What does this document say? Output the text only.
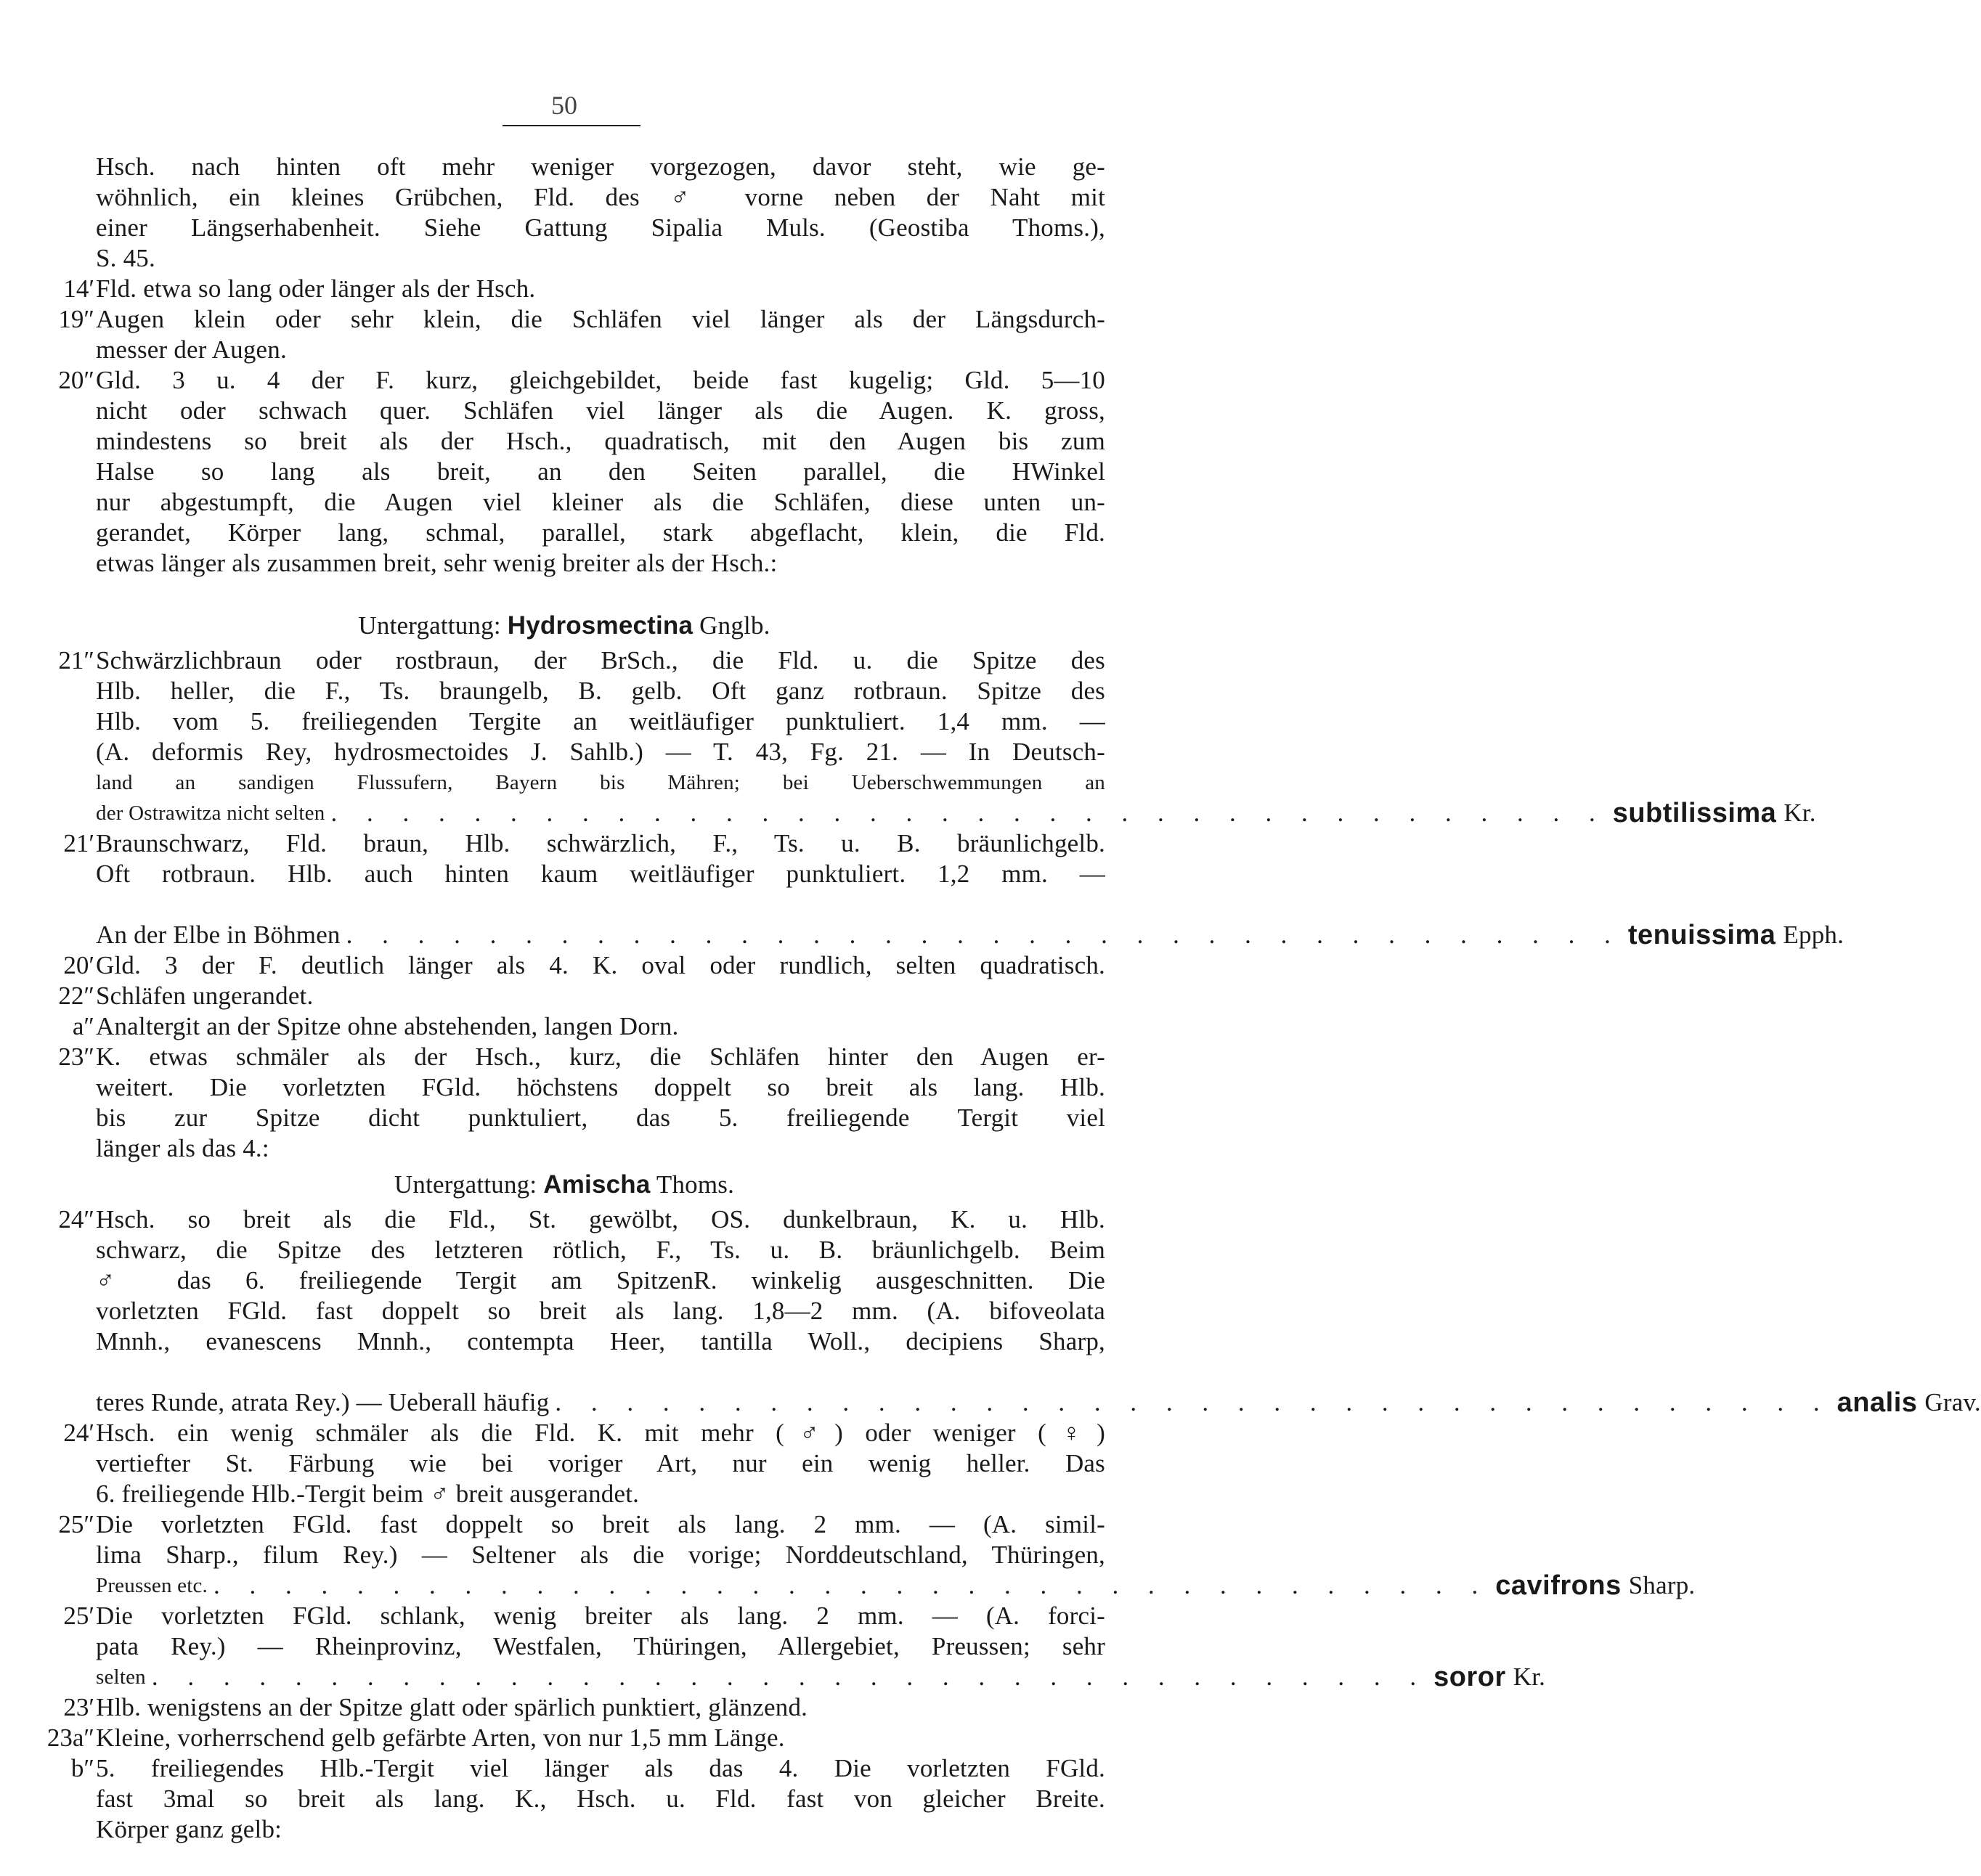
50
Hsch. nach hinten oft mehr weniger vorgezogen, davor steht, wie ge-
wöhnlich, ein kleines Grübchen, Fld. des ♂ vorne neben der Naht mit
einer Längserhabenheit. Siehe Gattung Sipalia Muls. (Geostiba Thoms.),
S. 45.
14′ Fld. etwa so lang oder länger als der Hsch.
19″ Augen klein oder sehr klein, die Schläfen viel länger als der Längsdurch-
messer der Augen.
20″ Gld. 3 u. 4 der F. kurz, gleichgebildet, beide fast kugelig; Gld. 5—10
nicht oder schwach quer. Schläfen viel länger als die Augen. K. gross,
mindestens so breit als der Hsch., quadratisch, mit den Augen bis zum
Halse so lang als breit, an den Seiten parallel, die HWinkel
nur abgestumpft, die Augen viel kleiner als die Schläfen, diese unten un-
gerandet, Körper lang, schmal, parallel, stark abgeflacht, klein, die Fld.
etwas länger als zusammen breit, sehr wenig breiter als der Hsch.:
21″ Schwärzlichbraun oder rostbraun, der BrSch., die Fld. u. die Spitze des
Hlb. heller, die F., Ts. braungelb, B. gelb. Oft ganz rotbraun. Spitze des
Hlb. vom 5. freiliegenden Tergite an weitläufiger punktuliert. 1,4 mm. —
(A. deformis Rey, hydrosmectoides J. Sahlb.) — T. 43, Fg. 21. — In Deutsch-
land an sandigen Flussufern, Bayern bis Mähren; bei Ueberschwemmungen an
21′ Braunschwarz, Fld. braun, Hlb. schwärzlich, F., Ts. u. B. bräunlichgelb.
Oft rotbraun. Hlb. auch hinten kaum weitläufiger punktuliert. 1,2 mm. —
20′ Gld. 3 der F. deutlich länger als 4. K. oval oder rundlich, selten quadratisch.
22″ Schläfen ungerandet.
a″ Analtergit an der Spitze ohne abstehenden, langen Dorn.
23″ K. etwas schmäler als der Hsch., kurz, die Schläfen hinter den Augen er-
weitert. Die vorletzten FGld. höchstens doppelt so breit als lang. Hlb.
bis zur Spitze dicht punktuliert, das 5. freiliegende Tergit viel
länger als das 4.:
24″ Hsch. so breit als die Fld., St. gewölbt, OS. dunkelbraun, K. u. Hlb.
schwarz, die Spitze des letzteren rötlich, F., Ts. u. B. bräunlichgelb. Beim
♂ das 6. freiliegende Tergit am SpitzenR. winkelig ausgeschnitten. Die
vorletzten FGld. fast doppelt so breit als lang. 1,8—2 mm. (A. bifoveolata
Mnnh., evanescens Mnnh., contempta Heer, tantilla Woll., decipiens Sharp,
24′ Hsch. ein wenig schmäler als die Fld. K. mit mehr (♂) oder weniger (♀)
vertiefter St. Färbung wie bei voriger Art, nur ein wenig heller. Das
6. freiliegende Hlb.-Tergit beim ♂ breit ausgerandet.
25″ Die vorletzten FGld. fast doppelt so breit als lang. 2 mm. — (A. simil-
lima Sharp., filum Rey.) — Seltener als die vorige; Norddeutschland, Thüringen,
25′ Die vorletzten FGld. schlank, wenig breiter als lang. 2 mm. — (A. forci-
pata Rey.) — Rheinprovinz, Westfalen, Thüringen, Allergebiet, Preussen; sehr
23′ Hlb. wenigstens an der Spitze glatt oder spärlich punktiert, glänzend.
23a″ Kleine, vorherrschend gelb gefärbte Arten, von nur 1,5 mm Länge.
b″ 5. freiliegendes Hlb.-Tergit viel länger als das 4. Die vorletzten FGld.
fast 3mal so breit als lang. K., Hsch. u. Fld. fast von gleicher Breite.
Körper ganz gelb:
der Ostrawitza nicht selten . . . . . . . . . . . . . . . . . . . . . . . . . . . . . . . . . . . . subtilissima Kr.
An der Elbe in Böhmen . . . . . . . . . . . . . . . . . . . . . . . . . . . . . . . . . . . . tenuissima Epph.
teres Runde, atrata Rey.) — Ueberall häufig . . . . . . . . . . . . . . . . . . . . . . . . . . . . . . . . . . . . analis Grav.
Preussen etc. . . . . . . . . . . . . . . . . . . . . . . . . . . . . . . . . . . . . cavifrons Sharp.
selten . . . . . . . . . . . . . . . . . . . . . . . . . . . . . . . . . . . . soror Kr.
Untergattung: Hydrosmectina Gnglb.
Untergattung: Amischa Thoms.
